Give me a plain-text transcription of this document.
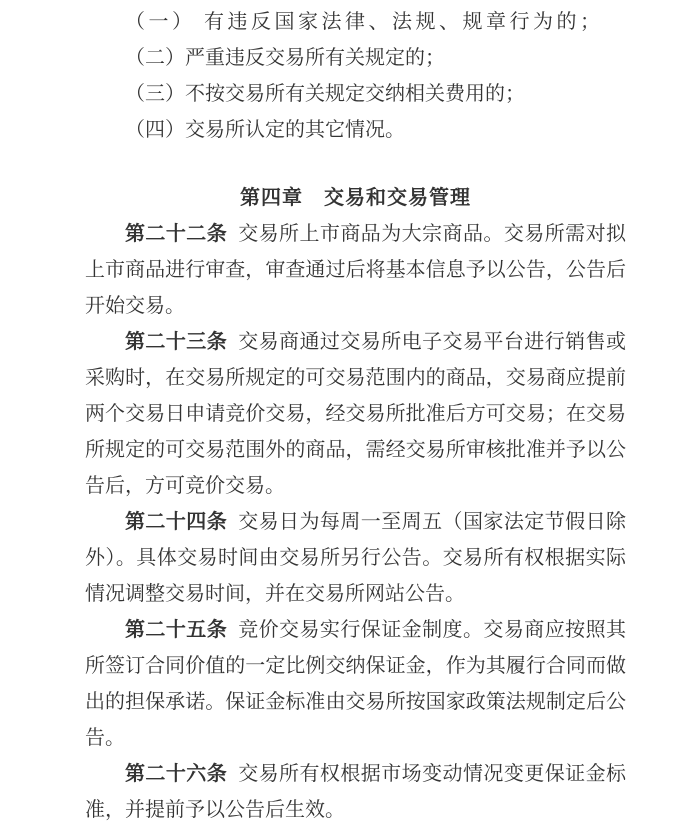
（一） 有违反国家法律、法规、规章行为的；

（二）严重违反交易所有关规定的；

（三）不按交易所有关规定交纳相关费用的；

（四）交易所认定的其它情况。

第四章　交易和交易管理

第二十二条 交易所上市商品为大宗商品。交易所需对拟上市商品进行审查，审查通过后将基本信息予以公告，公告后开始交易。

第二十三条 交易商通过交易所电子交易平台进行销售或采购时，在交易所规定的可交易范围内的商品，交易商应提前两个交易日申请竞价交易，经交易所批准后方可交易；在交易所规定的可交易范围外的商品，需经交易所审核批准并予以公告后，方可竞价交易。

第二十四条 交易日为每周一至周五（国家法定节假日除外）。具体交易时间由交易所另行公告。交易所有权根据实际情况调整交易时间，并在交易所网站公告。

第二十五条 竞价交易实行保证金制度。交易商应按照其所签订合同价值的一定比例交纳保证金，作为其履行合同而做出的担保承诺。保证金标准由交易所按国家政策法规制定后公告。

第二十六条 交易所有权根据市场变动情况变更保证金标准，并提前予以公告后生效。
